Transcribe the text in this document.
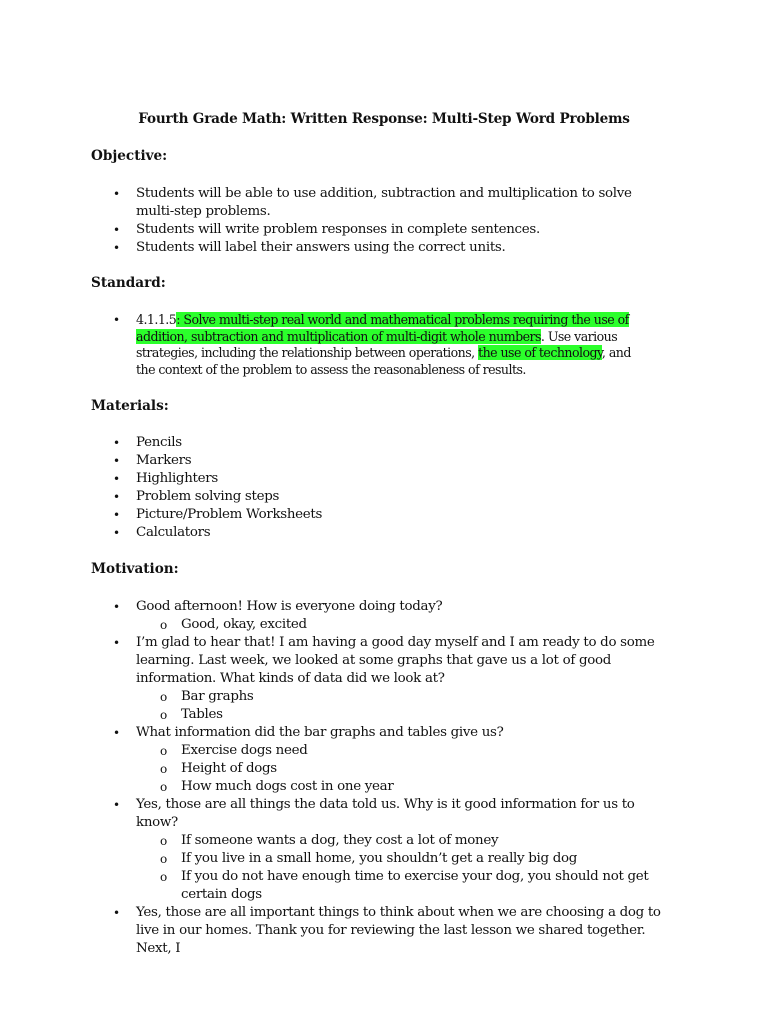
Fourth Grade Math: Written Response: Multi-Step Word Problems
Objective:
• Students will be able to use addition, subtraction and multiplication to solve multi-step problems.
• Students will write problem responses in complete sentences.
• Students will label their answers using the correct units.
Standard:
• 4.1.1.5: Solve multi-step real world and mathematical problems requiring the use of addition, subtraction and multiplication of multi-digit whole numbers. Use various strategies, including the relationship between operations, the use of technology, and the context of the problem to assess the reasonableness of results.
Materials:
• Pencils
• Markers
• Highlighters
• Problem solving steps
• Picture/Problem Worksheets
• Calculators
Motivation:
• Good afternoon! How is everyone doing today?
o Good, okay, excited
• I’m glad to hear that! I am having a good day myself and I am ready to do some learning. Last week, we looked at some graphs that gave us a lot of good information. What kinds of data did we look at?
o Bar graphs
o Tables
• What information did the bar graphs and tables give us?
o Exercise dogs need
o Height of dogs
o How much dogs cost in one year
• Yes, those are all things the data told us. Why is it good information for us to know?
o If someone wants a dog, they cost a lot of money
o If you live in a small home, you shouldn’t get a really big dog
o If you do not have enough time to exercise your dog, you should not get certain dogs
• Yes, those are all important things to think about when we are choosing a dog to live in our homes. Thank you for reviewing the last lesson we shared together. Next, I
